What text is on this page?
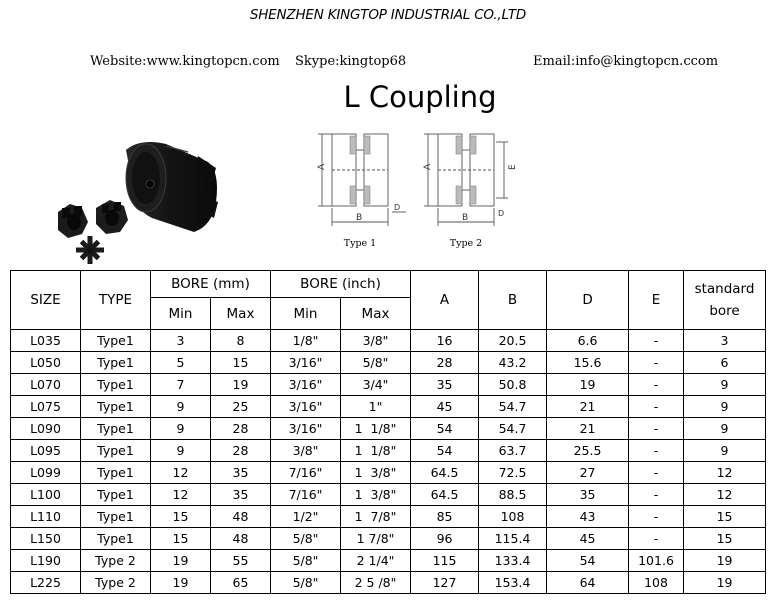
SHENZHEN KINGTOP INDUSTRIAL CO.,LTD
Website:www.kingtopcn.com Skype:kingtop68	Email:info@kingtopcn.ccom
L Coupling
A
B
D
Type 1
A	E
B	D
Type 2
SIZE	TYPE	BORE (mm)		BORE (inch)		A	B	D	E	standard bore
		Min	Max	Min	Max					
L035	Type1	3	8	1/8"	3/8"	16	20.5	6.6	-	3
L050	Type1	5	15	3/16"	5/8"	28	43.2	15.6	-	6
L070	Type1	7	19	3/16"	3/4"	35	50.8	19	-	9
L075	Type1	9	25	3/16"	1"	45	54.7	21	-	9
L090	Type1	9	28	3/16"	1  1/8"	54	54.7	21	-	9
L095	Type1	9	28	3/8"	1  1/8"	54	63.7	25.5	-	9
L099	Type1	12	35	7/16"	1  3/8"	64.5	72.5	27	-	12
L100	Type1	12	35	7/16"	1  3/8"	64.5	88.5	35	-	12
L110	Type1	15	48	1/2"	1  7/8"	85	108	43	-	15
L150	Type1	15	48	5/8"	1 7/8"	96	115.4	45	-	15
L190	Type 2	19	55	5/8"	2 1/4"	115	133.4	54	101.6	19
L225	Type 2	19	65	5/8"	2 5 /8"	127	153.4	64	108	19
